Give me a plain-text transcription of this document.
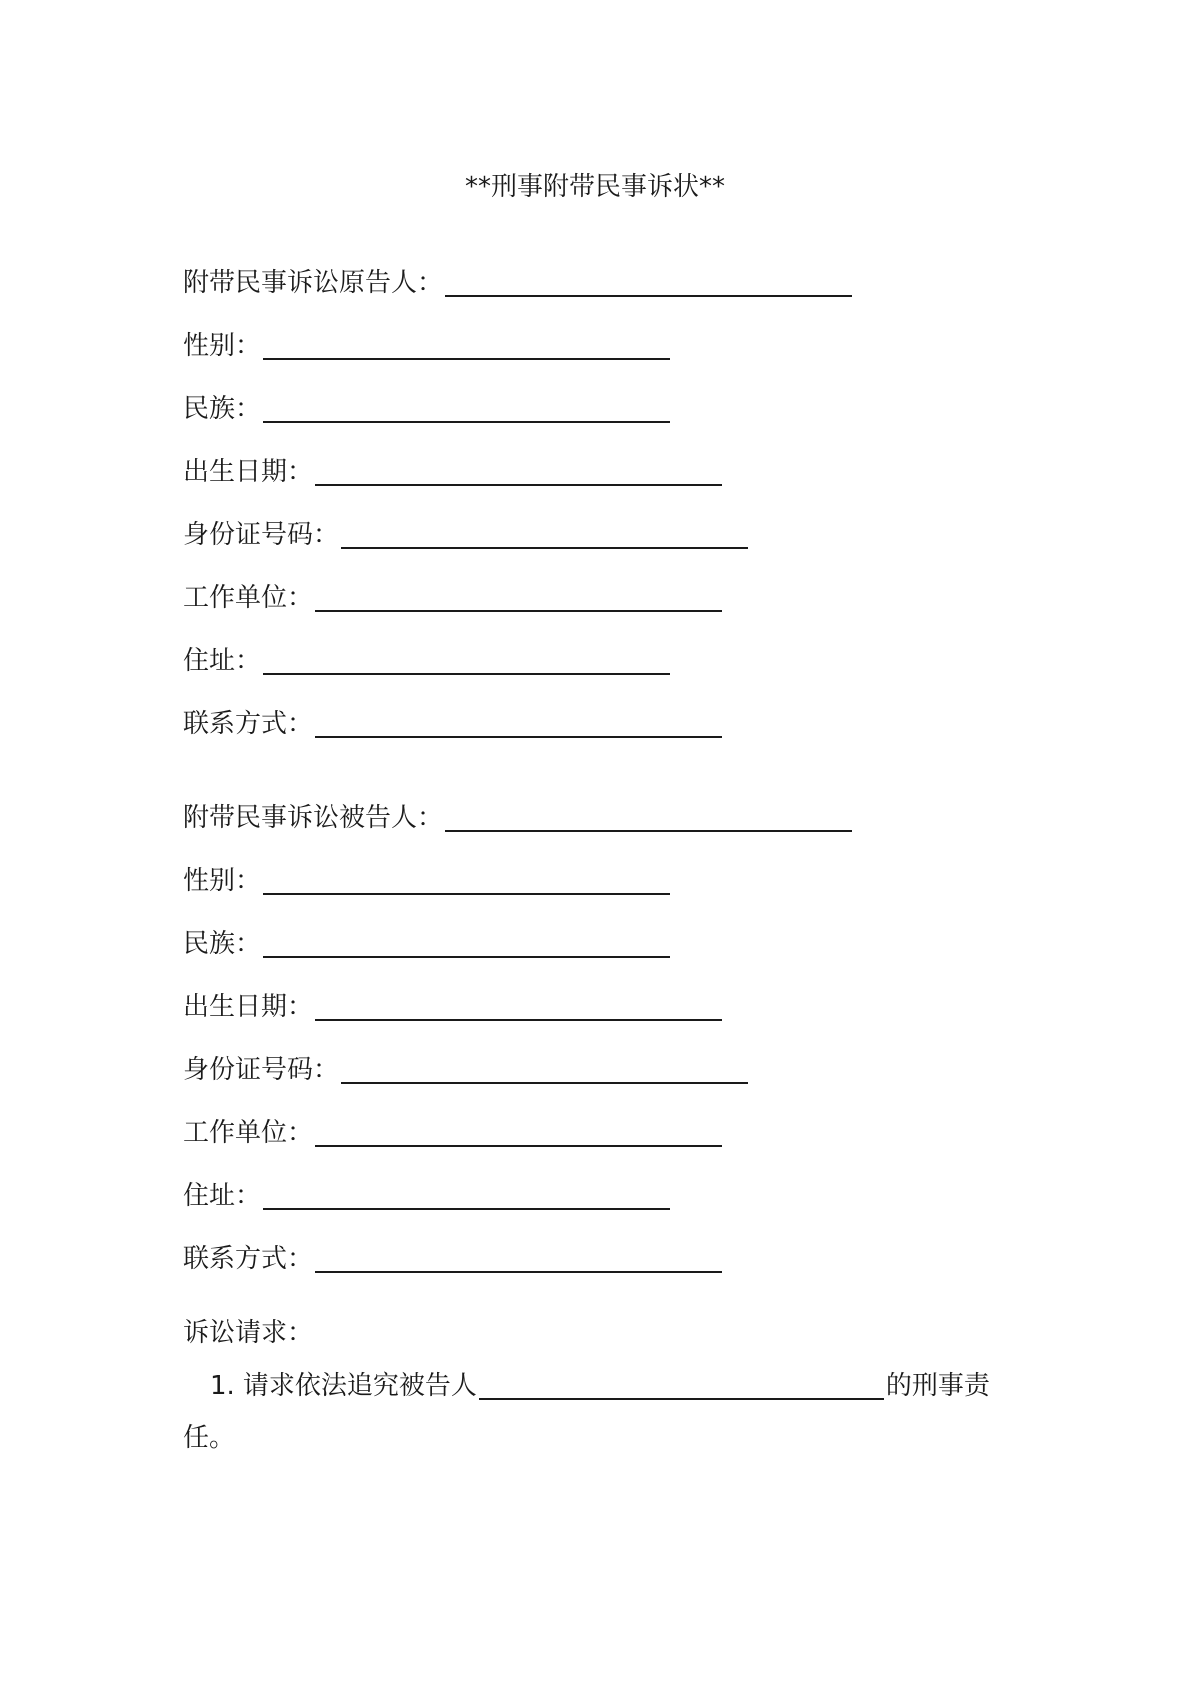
**刑事附带民事诉状**
附带民事诉讼原告人：
性别：
民族：
出生日期：
身份证号码：
工作单位：
住址：
联系方式：
附带民事诉讼被告人：
性别：
民族：
出生日期：
身份证号码：
工作单位：
住址：
联系方式：
诉讼请求：
1. 请求依法追究被告人	的刑事责
任。
